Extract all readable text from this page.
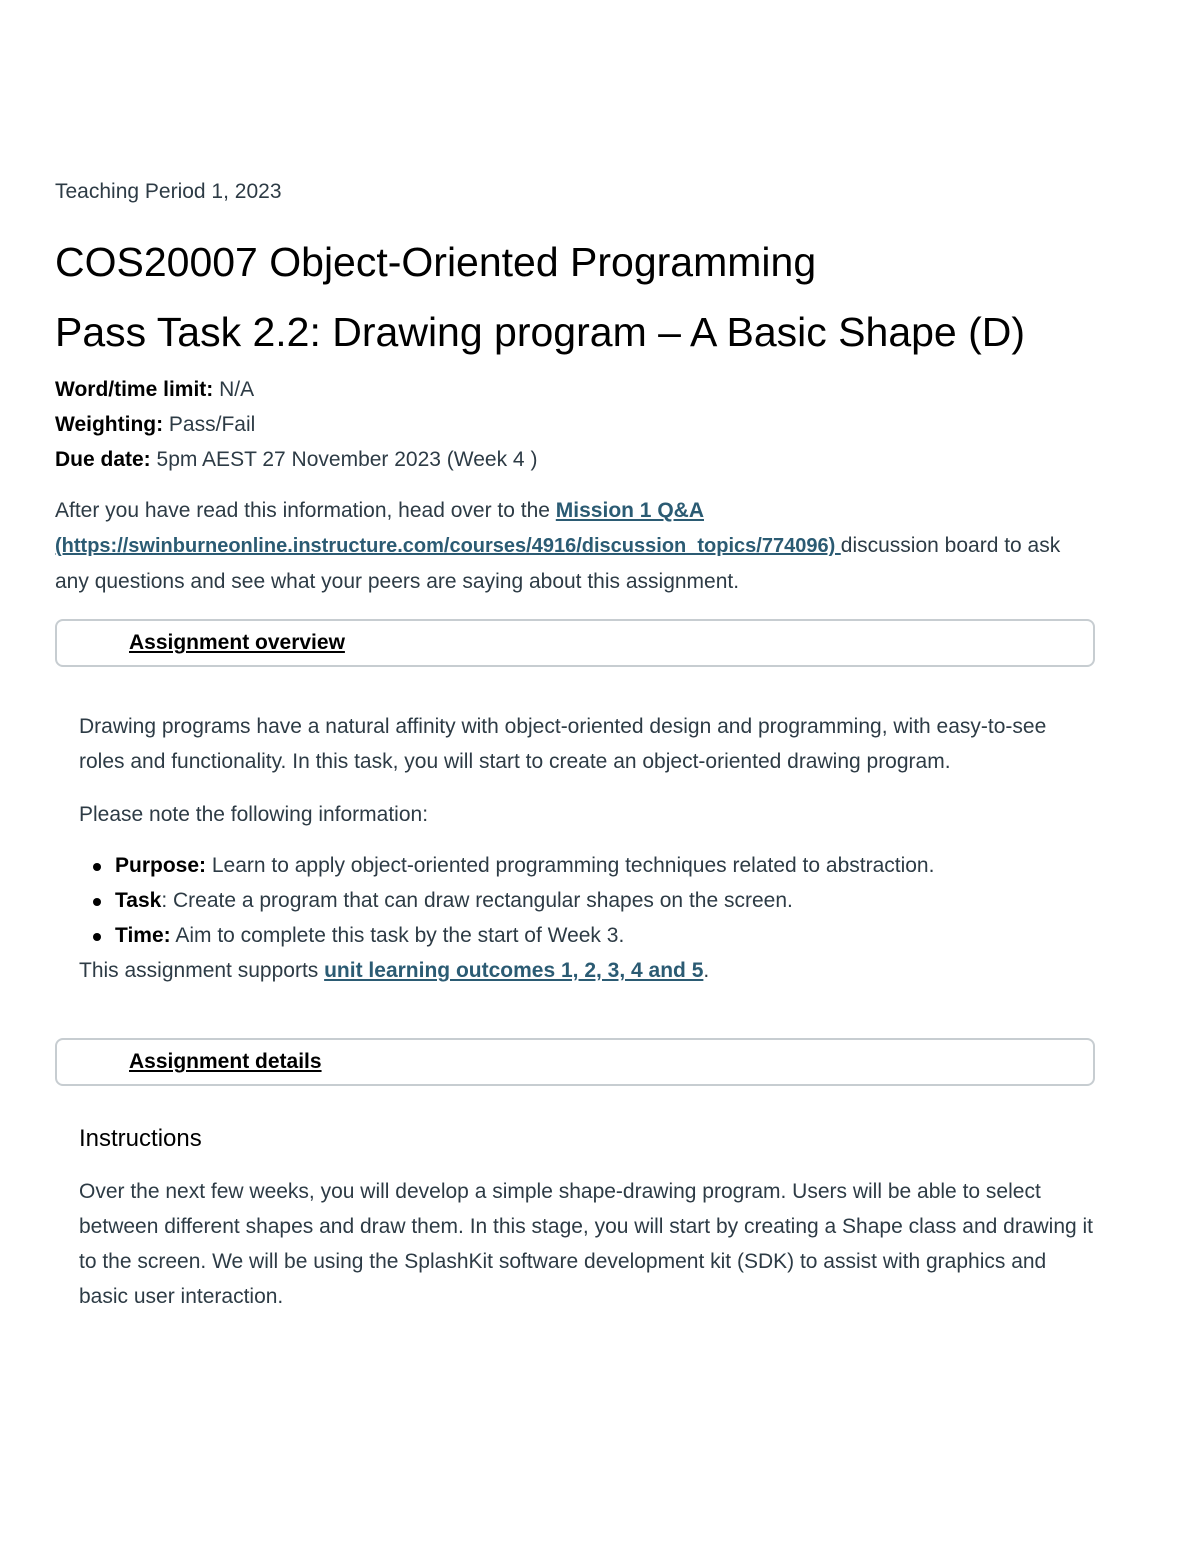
Teaching Period 1, 2023
COS20007 Object-Oriented Programming
Pass Task 2.2: Drawing program – A Basic Shape (D)
Word/time limit: N/A
Weighting: Pass/Fail
Due date: 5pm AEST 27 November 2023 (Week 4 )

After you have read this information, head over to the Mission 1 Q&A
(https://swinburneonline.instructure.com/courses/4916/discussion_topics/774096) discussion board to ask any questions and see what your peers are saying about this assignment.

Assignment overview

Drawing programs have a natural affinity with object-oriented design and programming, with easy-to-see roles and functionality. In this task, you will start to create an object-oriented drawing program.

Please note the following information:

Purpose: Learn to apply object-oriented programming techniques related to abstraction.
Task: Create a program that can draw rectangular shapes on the screen.
Time: Aim to complete this task by the start of Week 3.

This assignment supports unit learning outcomes 1, 2, 3, 4 and 5.

Assignment details
Instructions

Over the next few weeks, you will develop a simple shape-drawing program. Users will be able to select between different shapes and draw them. In this stage, you will start by creating a Shape class and drawing it to the screen. We will be using the SplashKit software development kit (SDK) to assist with graphics and basic user interaction.
